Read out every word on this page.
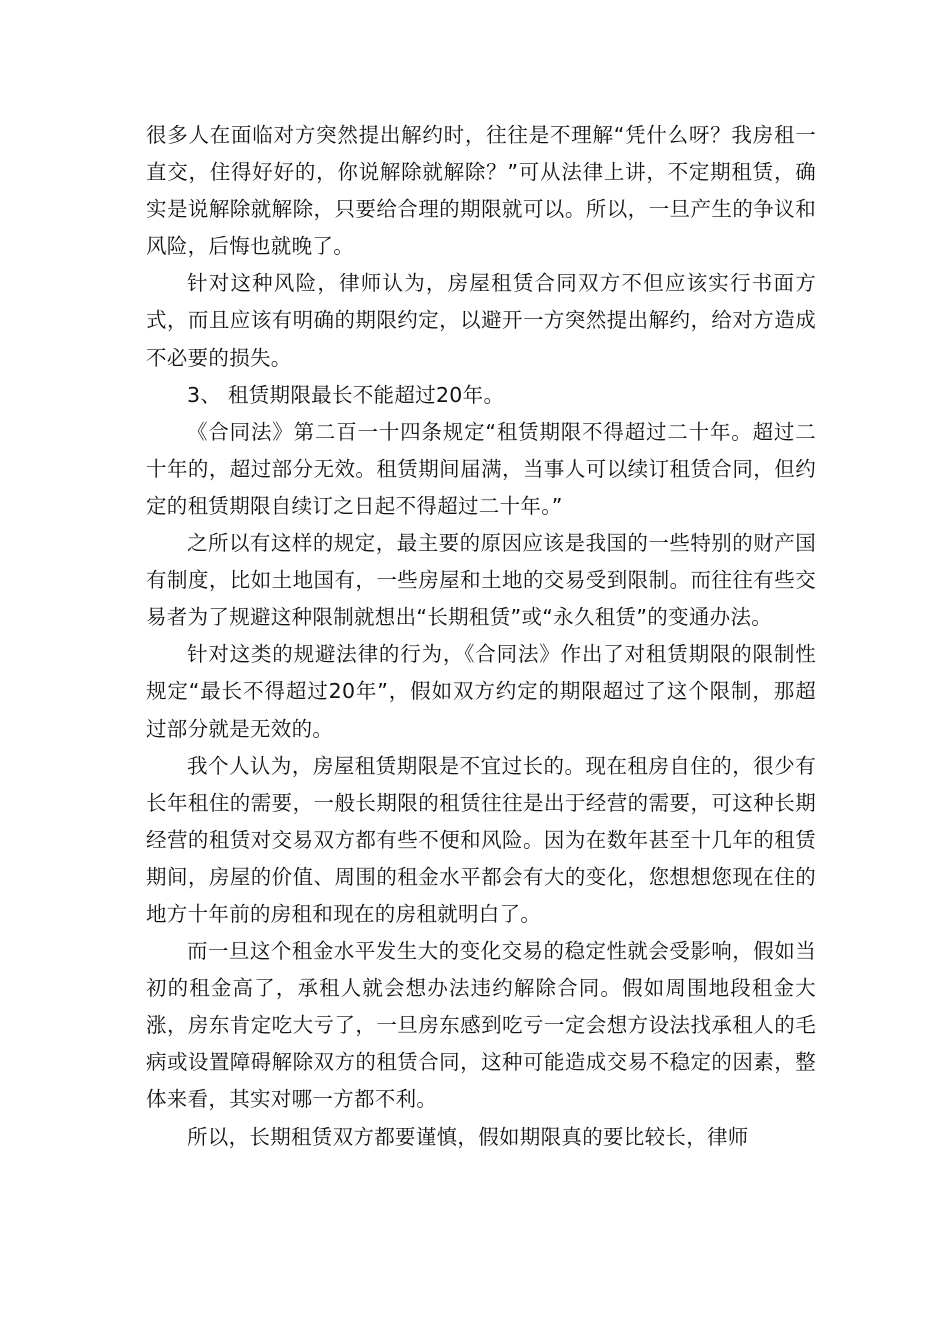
很多人在面临对方突然提出解约时，往往是不理解“凭什么呀？我房租一直交，住得好好的，你说解除就解除？”可从法律上讲，不定期租赁，确实是说解除就解除，只要给合理的期限就可以。所以，一旦产生的争议和风险，后悔也就晚了。

针对这种风险，律师认为，房屋租赁合同双方不但应该实行书面方式，而且应该有明确的期限约定，以避开一方突然提出解约，给对方造成不必要的损失。

3、 租赁期限最长不能超过20年。

《合同法》第二百一十四条规定“租赁期限不得超过二十年。超过二十年的，超过部分无效。租赁期间届满，当事人可以续订租赁合同，但约定的租赁期限自续订之日起不得超过二十年。”

之所以有这样的规定，最主要的原因应该是我国的一些特别的财产国有制度，比如土地国有，一些房屋和土地的交易受到限制。而往往有些交易者为了规避这种限制就想出“长期租赁”或“永久租赁”的变通办法。

针对这类的规避法律的行为，《合同法》作出了对租赁期限的限制性规定“最长不得超过20年”，假如双方约定的期限超过了这个限制，那超过部分就是无效的。

我个人认为，房屋租赁期限是不宜过长的。现在租房自住的，很少有长年租住的需要，一般长期限的租赁往往是出于经营的需要，可这种长期经营的租赁对交易双方都有些不便和风险。因为在数年甚至十几年的租赁期间，房屋的价值、周围的租金水平都会有大的变化，您想想您现在住的地方十年前的房租和现在的房租就明白了。

而一旦这个租金水平发生大的变化交易的稳定性就会受影响，假如当初的租金高了，承租人就会想办法违约解除合同。假如周围地段租金大涨，房东肯定吃大亏了，一旦房东感到吃亏一定会想方设法找承租人的毛病或设置障碍解除双方的租赁合同，这种可能造成交易不稳定的因素，整体来看，其实对哪一方都不利。

所以，长期租赁双方都要谨慎，假如期限真的要比较长，律师
